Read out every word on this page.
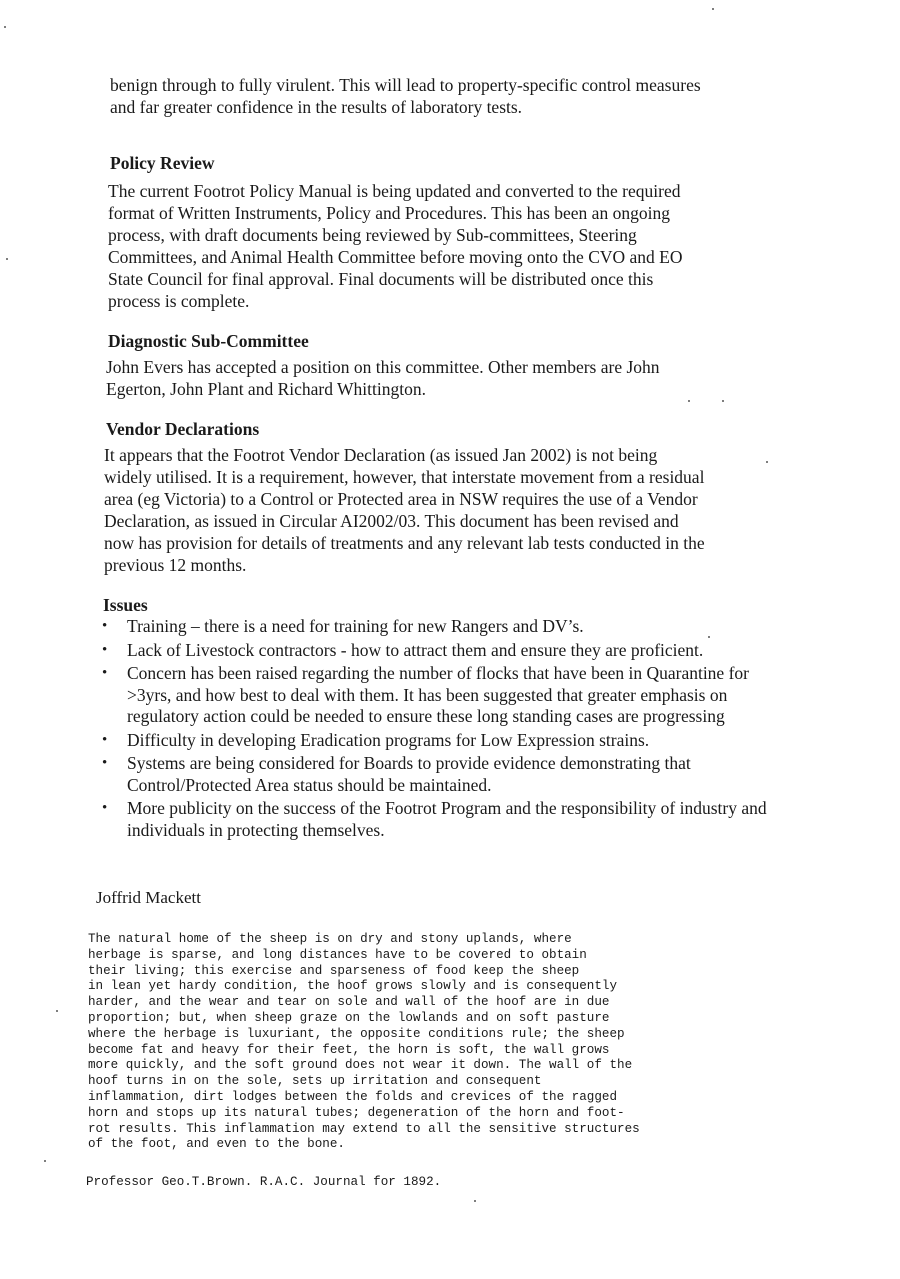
benign through to fully virulent. This will lead to property-specific control measures
and far greater confidence in the results of laboratory tests.

Policy Review

The current Footrot Policy Manual is being updated and converted to the required
format of Written Instruments, Policy and Procedures. This has been an ongoing
process, with draft documents being reviewed by Sub-committees, Steering
Committees, and Animal Health Committee before moving onto the CVO and EO
State Council for final approval. Final documents will be distributed once this
process is complete.

Diagnostic Sub-Committee

John Evers has accepted a position on this committee. Other members are John
Egerton, John Plant and Richard Whittington.

Vendor Declarations

It appears that the Footrot Vendor Declaration (as issued Jan 2002) is not being
widely utilised. It is a requirement, however, that interstate movement from a residual
area (eg Victoria) to a Control or Protected area in NSW requires the use of a Vendor
Declaration, as issued in Circular AI2002/03. This document has been revised and
now has provision for details of treatments and any relevant lab tests conducted in the
previous 12 months.

Issues
• Training – there is a need for training for new Rangers and DV’s.
• Lack of Livestock contractors - how to attract them and ensure they are proficient.
• Concern has been raised regarding the number of flocks that have been in Quarantine for >3yrs, and how best to deal with them. It has been suggested that greater emphasis on regulatory action could be needed to ensure these long standing cases are progressing
• Difficulty in developing Eradication programs for Low Expression strains.
• Systems are being considered for Boards to provide evidence demonstrating that Control/Protected Area status should be maintained.
• More publicity on the success of the Footrot Program and the responsibility of industry and individuals in protecting themselves.
Joffrid Mackett

The natural home of the sheep is on dry and stony uplands, where
herbage is sparse, and long distances have to be covered to obtain
their living; this exercise and sparseness of food keep the sheep
in lean yet hardy condition, the hoof grows slowly and is consequently
harder, and the wear and tear on sole and wall of the hoof are in due
proportion; but, when sheep graze on the lowlands and on soft pasture
where the herbage is luxuriant, the opposite conditions rule; the sheep
become fat and heavy for their feet, the horn is soft, the wall grows
more quickly, and the soft ground does not wear it down. The wall of the
hoof turns in on the sole, sets up irritation and consequent
inflammation, dirt lodges between the folds and crevices of the ragged
horn and stops up its natural tubes; degeneration of the horn and foot-
rot results. This inflammation may extend to all the sensitive structures
of the foot, and even to the bone.

Professor Geo.T.Brown. R.A.C. Journal for 1892.
